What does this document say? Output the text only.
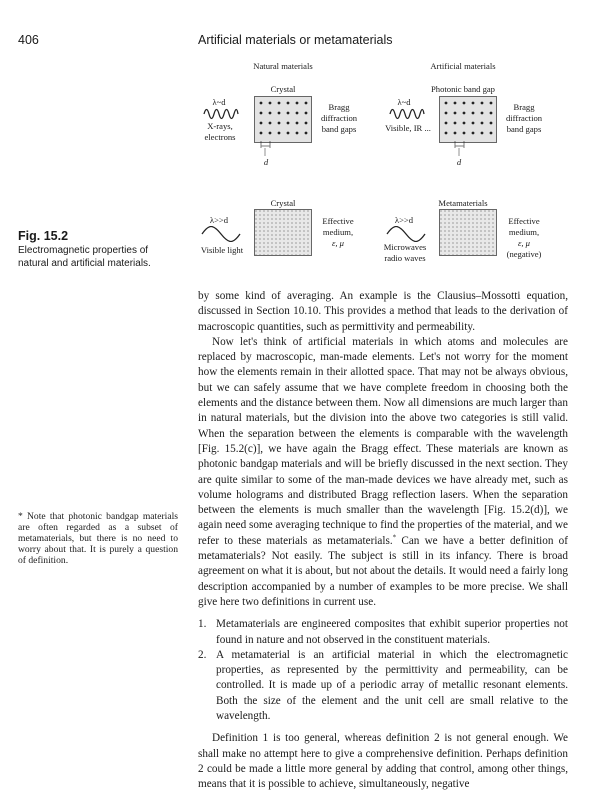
406	Artificial materials or metamaterials
Natural materials	Artificial materials
Crystal
λ~d
X-rays,
electrons
d
Bragg
diffraction
band gaps
Photonic band gap
λ~d
Visible, IR ...
d
Bragg
diffraction
band gaps
Crystal
λ>>d
Visible light
Effective
medium,
ε, μ
Metamaterials
λ>>d
Microwaves
radio waves
Effective
medium,
ε, μ
(negative)
Fig. 15.2
Electromagnetic properties of natural and artificial materials.
* Note that photonic bandgap materials are often regarded as a subset of metamaterials, but there is no need to worry about that. It is purely a question of definition.

by some kind of averaging. An example is the Clausius–Mossotti equation, discussed in Section 10.10. This provides a method that leads to the derivation of macroscopic quantities, such as permittivity and permeability.

Now let's think of artificial materials in which atoms and molecules are replaced by macroscopic, man-made elements. Let's not worry for the moment how the elements remain in their allotted space. That may not be always obvious, but we can safely assume that we have complete freedom in choosing both the elements and the distance between them. Now all dimensions are much larger than in natural materials, but the division into the above two categories is still valid. When the separation between the elements is comparable with the wavelength [Fig. 15.2(c)], we have again the Bragg effect. These materials are known as photonic bandgap materials and will be briefly discussed in the next section. They are quite similar to some of the man-made devices we have already met, such as volume holograms and distributed Bragg reflection lasers. When the separation between the elements is much smaller than the wavelength [Fig. 15.2(d)], we again need some averaging technique to find the properties of the material, and we refer to these materials as metamaterials.* Can we have a better definition of metamaterials? Not easily. The subject is still in its infancy. There is broad agreement on what it is about, but not about the details. It would need a fairly long description accompanied by a number of examples to be more precise. We shall give here two definitions in current use.

1. Metamaterials are engineered composites that exhibit superior properties not found in nature and not observed in the constituent materials.
2. A metamaterial is an artificial material in which the electromagnetic properties, as represented by the permittivity and permeability, can be controlled. It is made up of a periodic array of metallic resonant elements. Both the size of the element and the unit cell are small relative to the wavelength.

Definition 1 is too general, whereas definition 2 is not general enough. We shall make no attempt here to give a comprehensive definition. Perhaps definition 2 could be made a little more general by adding that control, among other things, means that it is possible to achieve, simultaneously, negative
